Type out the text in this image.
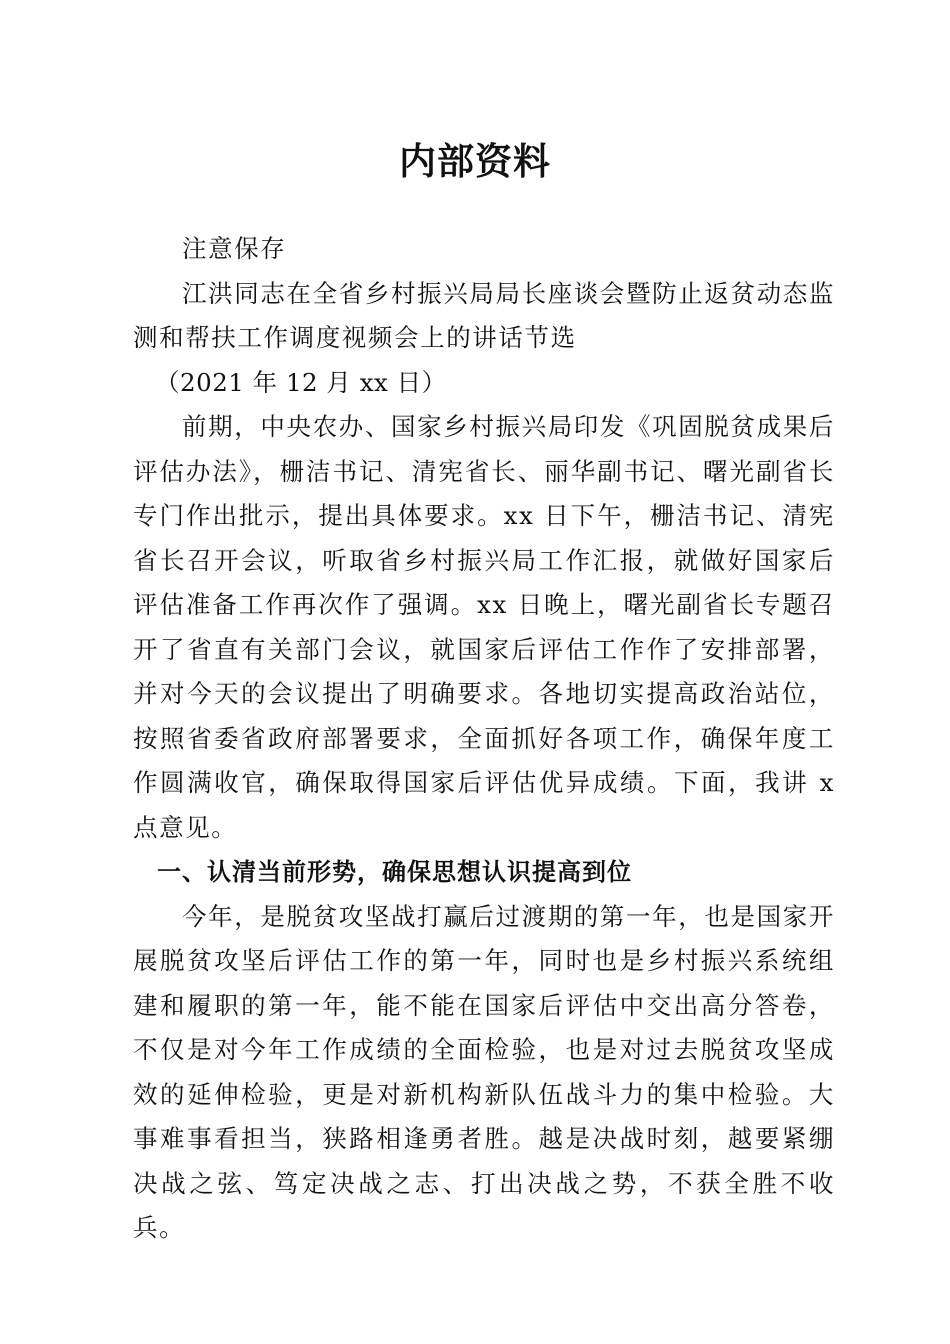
内部资料

注意保存

江洪同志在全省乡村振兴局局长座谈会暨防止返贫动态监测和帮扶工作调度视频会上的讲话节选

（2021 年 12 月 xx 日）

前期，中央农办、国家乡村振兴局印发《巩固脱贫成果后评估办法》，栅洁书记、清宪省长、丽华副书记、曙光副省长专门作出批示，提出具体要求。xx 日下午，栅洁书记、清宪省长召开会议，听取省乡村振兴局工作汇报，就做好国家后评估准备工作再次作了强调。xx 日晚上，曙光副省长专题召开了省直有关部门会议，就国家后评估工作作了安排部署，并对今天的会议提出了明确要求。各地切实提高政治站位，按照省委省政府部署要求，全面抓好各项工作，确保年度工作圆满收官，确保取得国家后评估优异成绩。下面，我讲 x 点意见。

一、认清当前形势，确保思想认识提高到位

今年，是脱贫攻坚战打赢后过渡期的第一年，也是国家开展脱贫攻坚后评估工作的第一年，同时也是乡村振兴系统组建和履职的第一年，能不能在国家后评估中交出高分答卷，不仅是对今年工作成绩的全面检验，也是对过去脱贫攻坚成效的延伸检验，更是对新机构新队伍战斗力的集中检验。大事难事看担当，狭路相逢勇者胜。越是决战时刻，越要紧绷决战之弦、笃定决战之志、打出决战之势，不获全胜不收兵。
